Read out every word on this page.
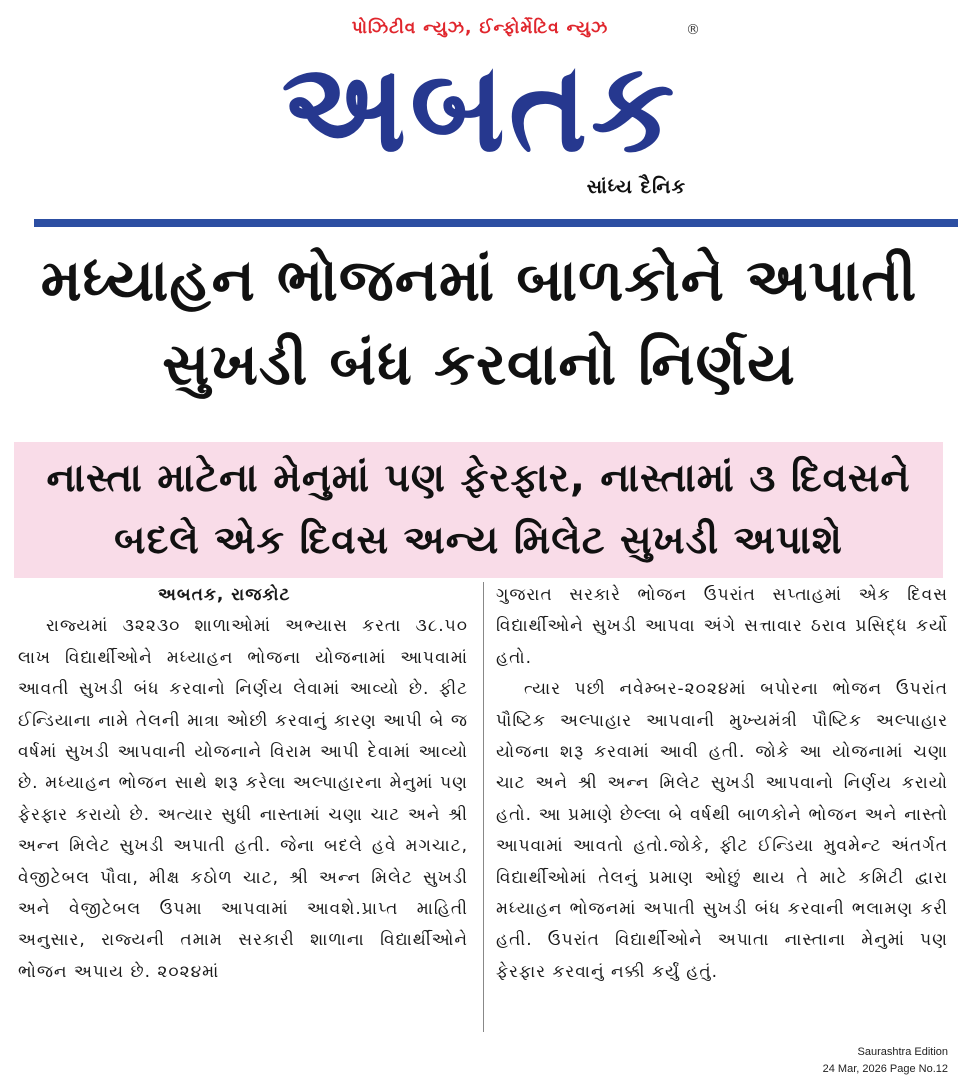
પોઝિટીવ ન્યુઝ, ઈન્ફોર્મેટિવ ન્યુઝ	®
અબતક
સાંધ્ય દૈનિક
મધ્યાહન ભોજનમાં બાળકોને અપાતી
સુખડી બંધ કરવાનો નિર્ણય
નાસ્તા માટેના મેનુમાં પણ ફેરફાર, નાસ્તામાં ૩ દિવસને
બદલે એક દિવસ અન્ય મિલેટ સુખડી અપાશે
અબતક, રાજકોટ

રાજ્યમાં ૩૨૨૩૦ શાળાઓમાં અભ્યાસ કરતા ૩૮.૫૦ લાખ વિદ્યાર્થીઓને મધ્યાહન ભોજના યોજનામાં આપવામાં આવતી સુખડી બંધ કરવાનો નિર્ણય લેવામાં આવ્યો છે. ફીટ ઈન્ડિયાના નામે તેલની માત્રા ઓછી કરવાનું કારણ આપી બે જ વર્ષમાં સુખડી આપવાની યોજનાને વિરામ આપી દેવામાં આવ્યો છે. મધ્યાહન ભોજન સાથે શરૂ કરેલા અલ્પાહારના મેનુમાં પણ ફેરફાર કરાયો છે. અત્યાર સુધી નાસ્તામાં ચણા ચાટ અને શ્રી અન્ન મિલેટ સુખડી અપાતી હતી. જેના બદલે હવે મગચાટ, વેજીટેબલ પૌવા, મીક્ષ કઠોળ ચાટ, શ્રી અન્ન મિલેટ સુખડી અને વેજીટેબલ ઉપમા આપવામાં આવશે.પ્રાપ્ત માહિતી અનુસાર, રાજ્યની તમામ સરકારી શાળાના વિદ્યાર્થીઓને ભોજન અપાય છે. ૨૦૨૪માં

ગુજરાત સરકારે ભોજન ઉપરાંત સપ્તાહમાં એક દિવસ વિદ્યાર્થીઓને સુખડી આપવા અંગે સત્તાવાર ઠરાવ પ્રસિદ્ધ કર્યો હતો.

ત્યાર પછી નવેમ્બર-૨૦૨૪માં બપોરના ભોજન ઉપરાંત પૌષ્ટિક અલ્પાહાર આપવાની મુખ્યમંત્રી પૌષ્ટિક અલ્પાહાર યોજના શરૂ કરવામાં આવી હતી. જોકે આ યોજનામાં ચણા ચાટ અને શ્રી અન્ન મિલેટ સુખડી આપવાનો નિર્ણય કરાયો હતો. આ પ્રમાણે છેલ્લા બે વર્ષથી બાળકોને ભોજન અને નાસ્તો આપવામાં આવતો હતો.જોકે, ફીટ ઈન્ડિયા મુવમેન્ટ અંતર્ગત વિદ્યાર્થીઓમાં તેલનું પ્રમાણ ઓછું થાય તે માટે કમિટી દ્વારા મધ્યાહન ભોજનમાં અપાતી સુખડી બંધ કરવાની ભલામણ કરી હતી. ઉપરાંત વિદ્યાર્થીઓને અપાતા નાસ્તાના મેનુમાં પણ ફેરફાર કરવાનું નક્કી કર્યું હતું.

Saurashtra Edition
24 Mar, 2026 Page No.12
